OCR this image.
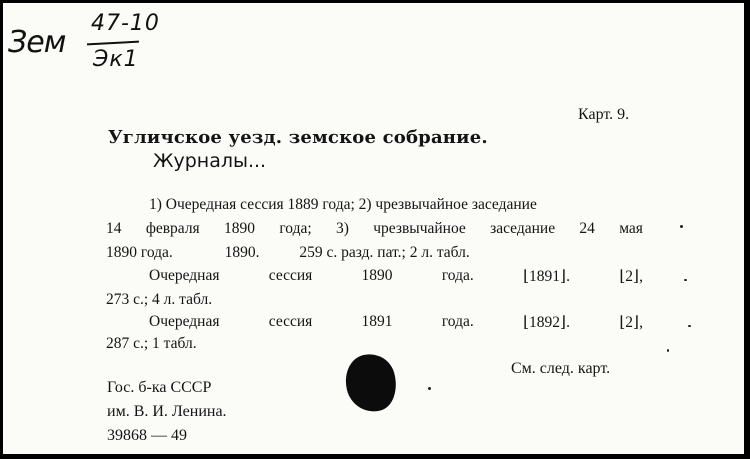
Зем
47-10
Эк1
Карт. 9.
Угличское уезд. земское собрание.
Журналы...
1) Очередная сессия 1889 года; 2) чрезвычайное заседание
14 февраля 1890 года; 3) чрезвычайное заседание 24 мая
1890 года.	1890.	259 с. разд. пат.; 2 л. табл.
Очередная	сессия	1890	года.	⌊1891⌋.	⌊2⌋,
273 с.; 4 л. табл.
Очередная	сессия	1891	года.	⌊1892⌋.	⌊2⌋,
287 с.; 1 табл.
См. след. карт.
Гос. б-ка СССР
им. В. И. Ленина.
39868 — 49
